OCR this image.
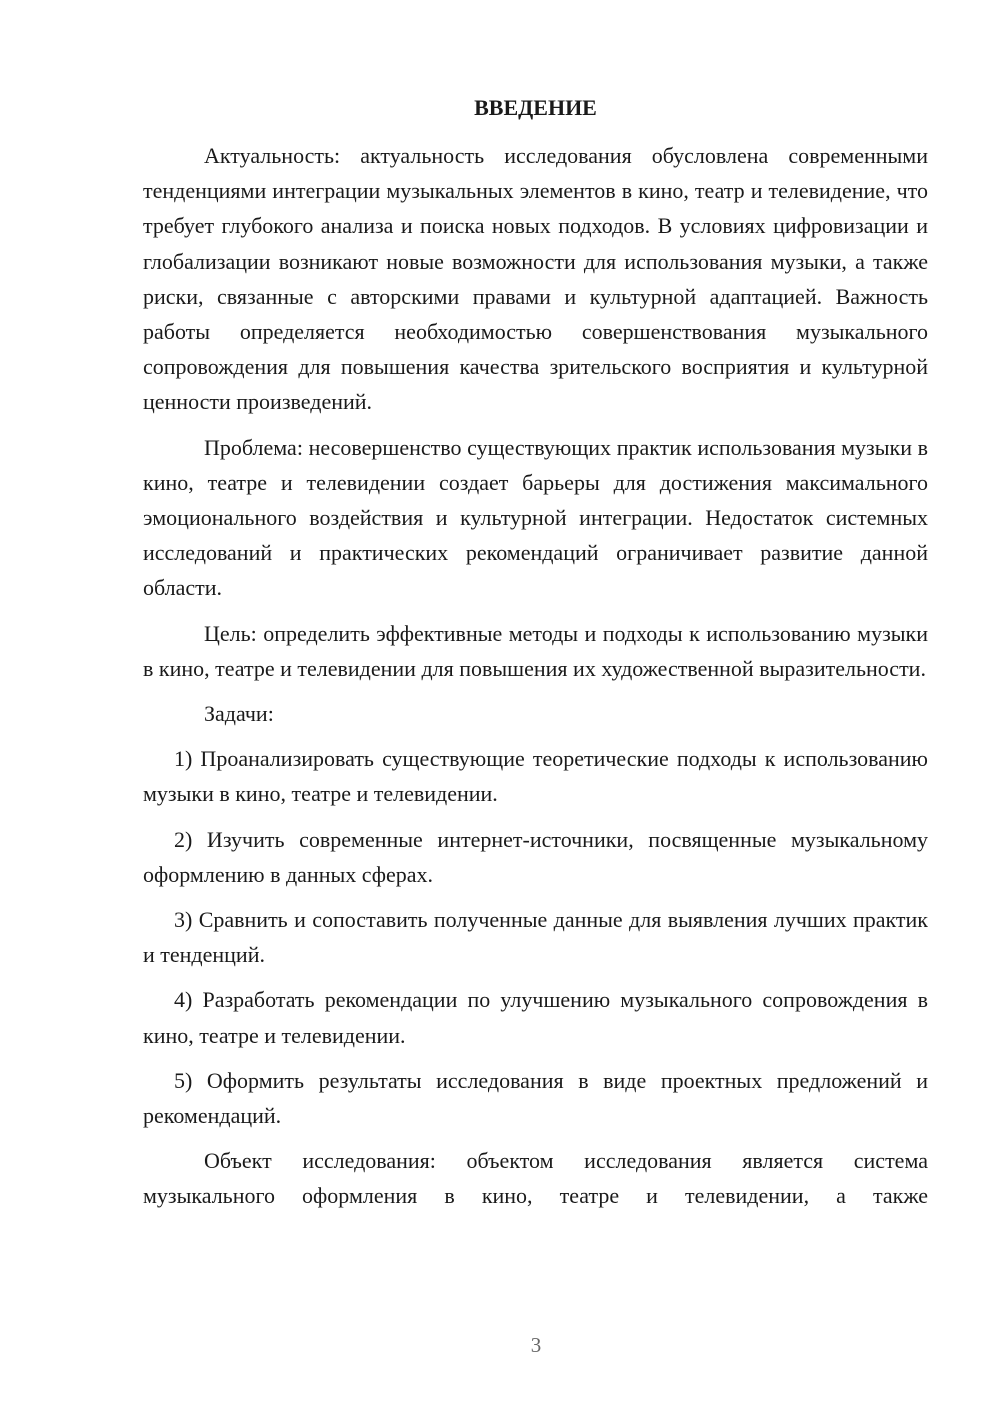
ВВЕДЕНИЕ

Актуальность: актуальность исследования обусловлена современными тенденциями интеграции музыкальных элементов в кино, театр и телевидение, что требует глубокого анализа и поиска новых подходов. В условиях цифровизации и глобализации возникают новые возможности для использования музыки, а также риски, связанные с авторскими правами и культурной адаптацией. Важность работы определяется необходимостью совершенствования музыкального сопровождения для повышения качества зрительского восприятия и культурной ценности произведений.

Проблема: несовершенство существующих практик использования музыки в кино, театре и телевидении создает барьеры для достижения максимального эмоционального воздействия и культурной интеграции. Недостаток системных исследований и практических рекомендаций ограничивает развитие данной области.

Цель: определить эффективные методы и подходы к использованию музыки в кино, театре и телевидении для повышения их художественной выразительности.

Задачи:

1) Проанализировать существующие теоретические подходы к использованию музыки в кино, театре и телевидении.

2) Изучить современные интернет-источники, посвященные музыкальному оформлению в данных сферах.

3) Сравнить и сопоставить полученные данные для выявления лучших практик и тенденций.

4) Разработать рекомендации по улучшению музыкального сопровождения в кино, театре и телевидении.

5) Оформить результаты исследования в виде проектных предложений и рекомендаций.

Объект исследования: объектом исследования является система музыкального оформления в кино, театре и телевидении, а также

3
